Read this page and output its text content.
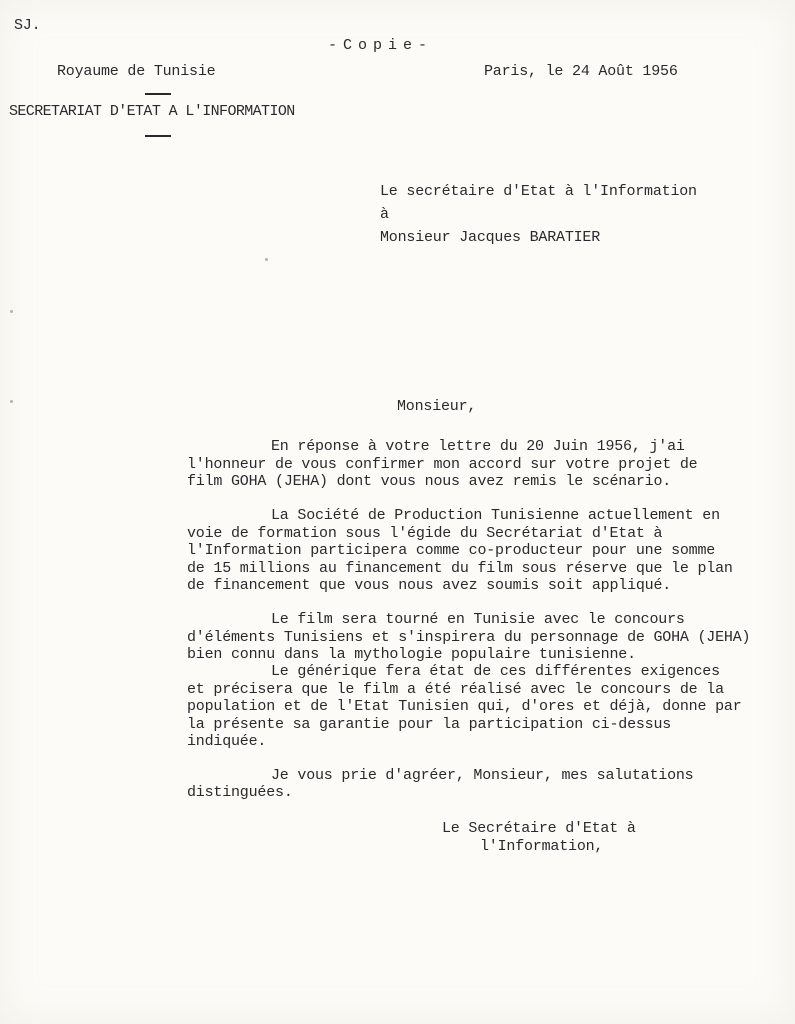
SJ.
-Copie-
Royaume de Tunisie
SECRETARIAT D'ETAT A L'INFORMATION
Paris, le 24 Août 1956
Le secrétaire d'Etat à l'Information
à
Monsieur Jacques BARATIER
Monsieur,
En réponse à votre lettre du 20 Juin 1956, j'ai
l'honneur de vous confirmer mon accord sur votre projet de
film GOHA (JEHA) dont vous nous avez remis le scénario.
La Société de Production Tunisienne actuellement en
voie de formation sous l'égide du Secrétariat d'Etat à
l'Information participera comme co-producteur pour une somme
de 15 millions au financement du film sous réserve que le plan
de financement que vous nous avez soumis soit appliqué.
Le film sera tourné en Tunisie avec le concours
d'éléments Tunisiens et s'inspirera du personnage de GOHA (JEHA)
bien connu dans la mythologie populaire tunisienne.
Le générique fera état de ces différentes exigences
et précisera que le film a été réalisé avec le concours de la
population et de l'Etat Tunisien qui, d'ores et déjà, donne par
la présente sa garantie pour la participation ci-dessus
indiquée.
Je vous prie d'agréer, Monsieur, mes salutations
distinguées.
Le Secrétaire d'Etat à
l'Information,
